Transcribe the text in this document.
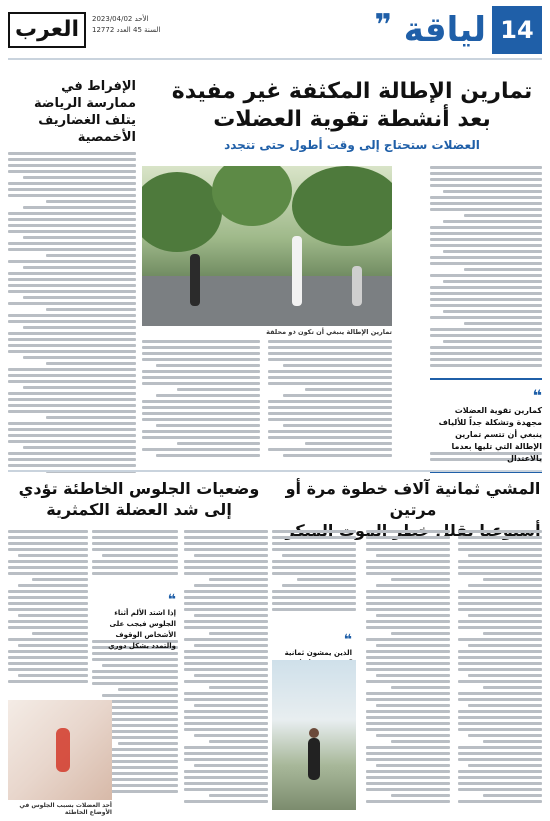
14
لياقة
❞
العرب	الأحد 2023/04/02
السنة 45 العدد 12772
تمارين الإطالة المكثفة غير مفيدة
بعد أنشطة تقوية العضلات
العضلات ستحتاج إلى وقت أطول حتى تتجدد
الإفراط في ممارسة الرياضة يتلف الغضاريف الأخمصية
تمارين الإطالة ينبغي أن تكون ذو محلقة
❝
كمارين تقوية العضلات مجهدة وتشكلة جداً للألياف ينبغي أن تتسم تمارين الإطالة التي تليها بعدما يالاعتدال
المشي ثمانية آلاف خطوة مرة أو مرتين
يقلل الموت
❝
الذين يمشون ثمانية
وضعيات الجلوس الخاطئة تؤدي
إلى شد العضلة الكمثرية
❝
إذا اشتد الألم أثناء الجلوس فيجب على الأشخاص الوقوف والتمدد بشكل دوري
أحد العضلات بسبب الجلوس في الأوضاع الخاطئة
